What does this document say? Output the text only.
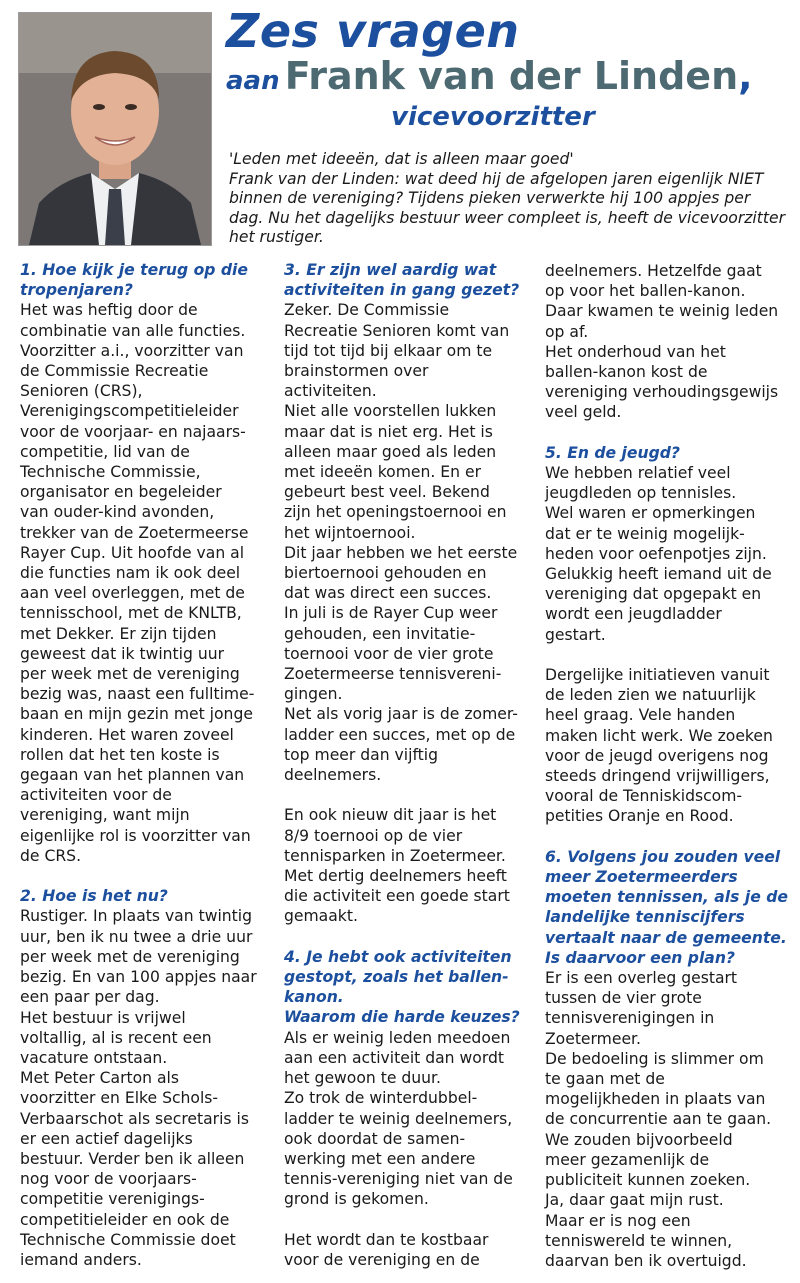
Zes vragen
aan Frank van der Linden,
vicevoorzitter

'Leden met ideeën, dat is alleen maar goed'

Frank van der Linden: wat deed hij de afgelopen jaren eigenlijk NIET binnen de vereniging? Tijdens pieken verwerkte hij 100 appjes per dag. Nu het dagelijks bestuur weer compleet is, heeft de vicevoorzitter het rustiger.

1. Hoe kijk je terug op die

tropenjaren?

Het was heftig door de

combinatie van alle functies.

Voorzitter a.i., voorzitter van

de Commissie Recreatie

Senioren (CRS),

Verenigingscompetitieleider

voor de voorjaar- en najaars-

competitie, lid van de

Technische Commissie,

organisator en begeleider

van ouder-kind avonden,

trekker van de Zoetermeerse

Rayer Cup. Uit hoofde van al

die functies nam ik ook deel

aan veel overleggen, met de

tennisschool, met de KNLTB,

met Dekker. Er zijn tijden

geweest dat ik twintig uur

per week met de vereniging

bezig was, naast een fulltime-

baan en mijn gezin met jonge

kinderen. Het waren zoveel

rollen dat het ten koste is

gegaan van het plannen van

activiteiten voor de

vereniging, want mijn

eigenlijke rol is voorzitter van

de CRS.

2. Hoe is het nu?

Rustiger. In plaats van twintig

uur, ben ik nu twee a drie uur

per week met de vereniging

bezig. En van 100 appjes naar

een paar per dag.

Het bestuur is vrijwel

voltallig, al is recent een

vacature ontstaan.

Met Peter Carton als

voorzitter en Elke Schols-

Verbaarschot als secretaris is

er een actief dagelijks

bestuur. Verder ben ik alleen

nog voor de voorjaars-

competitie verenigings-

competitieleider en ook de

Technische Commissie doet

iemand anders.

3. Er zijn wel aardig wat

activiteiten in gang gezet?

Zeker. De Commissie

Recreatie Senioren komt van

tijd tot tijd bij elkaar om te

brainstormen over

activiteiten.

Niet alle voorstellen lukken

maar dat is niet erg. Het is

alleen maar goed als leden

met ideeën komen. En er

gebeurt best veel. Bekend

zijn het openingstoernooi en

het wijntoernooi.

Dit jaar hebben we het eerste

biertoernooi gehouden en

dat was direct een succes.

In juli is de Rayer Cup weer

gehouden, een invitatie-

toernooi voor de vier grote

Zoetermeerse tennisvereni-

gingen.

Net als vorig jaar is de zomer-

ladder een succes, met op de

top meer dan vijftig

deelnemers.

En ook nieuw dit jaar is het

8/9 toernooi op de vier

tennisparken in Zoetermeer.

Met dertig deelnemers heeft

die activiteit een goede start

gemaakt.

4. Je hebt ook activiteiten

gestopt, zoals het ballen-

kanon.

Waarom die harde keuzes?

Als er weinig leden meedoen

aan een activiteit dan wordt

het gewoon te duur.

Zo trok de winterdubbel-

ladder te weinig deelnemers,

ook doordat de samen-

werking met een andere

tennis-vereniging niet van de

grond is gekomen.

Het wordt dan te kostbaar

voor de vereniging en de

deelnemers. Hetzelfde gaat

op voor het ballen-kanon.

Daar kwamen te weinig leden

op af.

Het onderhoud van het

ballen-kanon kost de

vereniging verhoudingsgewijs

veel geld.

5. En de jeugd?

We hebben relatief veel

jeugdleden op tennisles.

Wel waren er opmerkingen

dat er te weinig mogelijk-

heden voor oefenpotjes zijn.

Gelukkig heeft iemand uit de

vereniging dat opgepakt en

wordt een jeugdladder

gestart.

Dergelijke initiatieven vanuit

de leden zien we natuurlijk

heel graag. Vele handen

maken licht werk. We zoeken

voor de jeugd overigens nog

steeds dringend vrijwilligers,

vooral de Tenniskidscom-

petities Oranje en Rood.

6. Volgens jou zouden veel

meer Zoetermeerders

moeten tennissen, als je de

landelijke tenniscijfers

vertaalt naar de gemeente.

Is daarvoor een plan?

Er is een overleg gestart

tussen de vier grote

tennisverenigingen in

Zoetermeer.

De bedoeling is slimmer om

te gaan met de

mogelijkheden in plaats van

de concurrentie aan te gaan.

We zouden bijvoorbeeld

meer gezamenlijk de

publiciteit kunnen zoeken.

Ja, daar gaat mijn rust.

Maar er is nog een

tenniswereld te winnen,

daarvan ben ik overtuigd.
